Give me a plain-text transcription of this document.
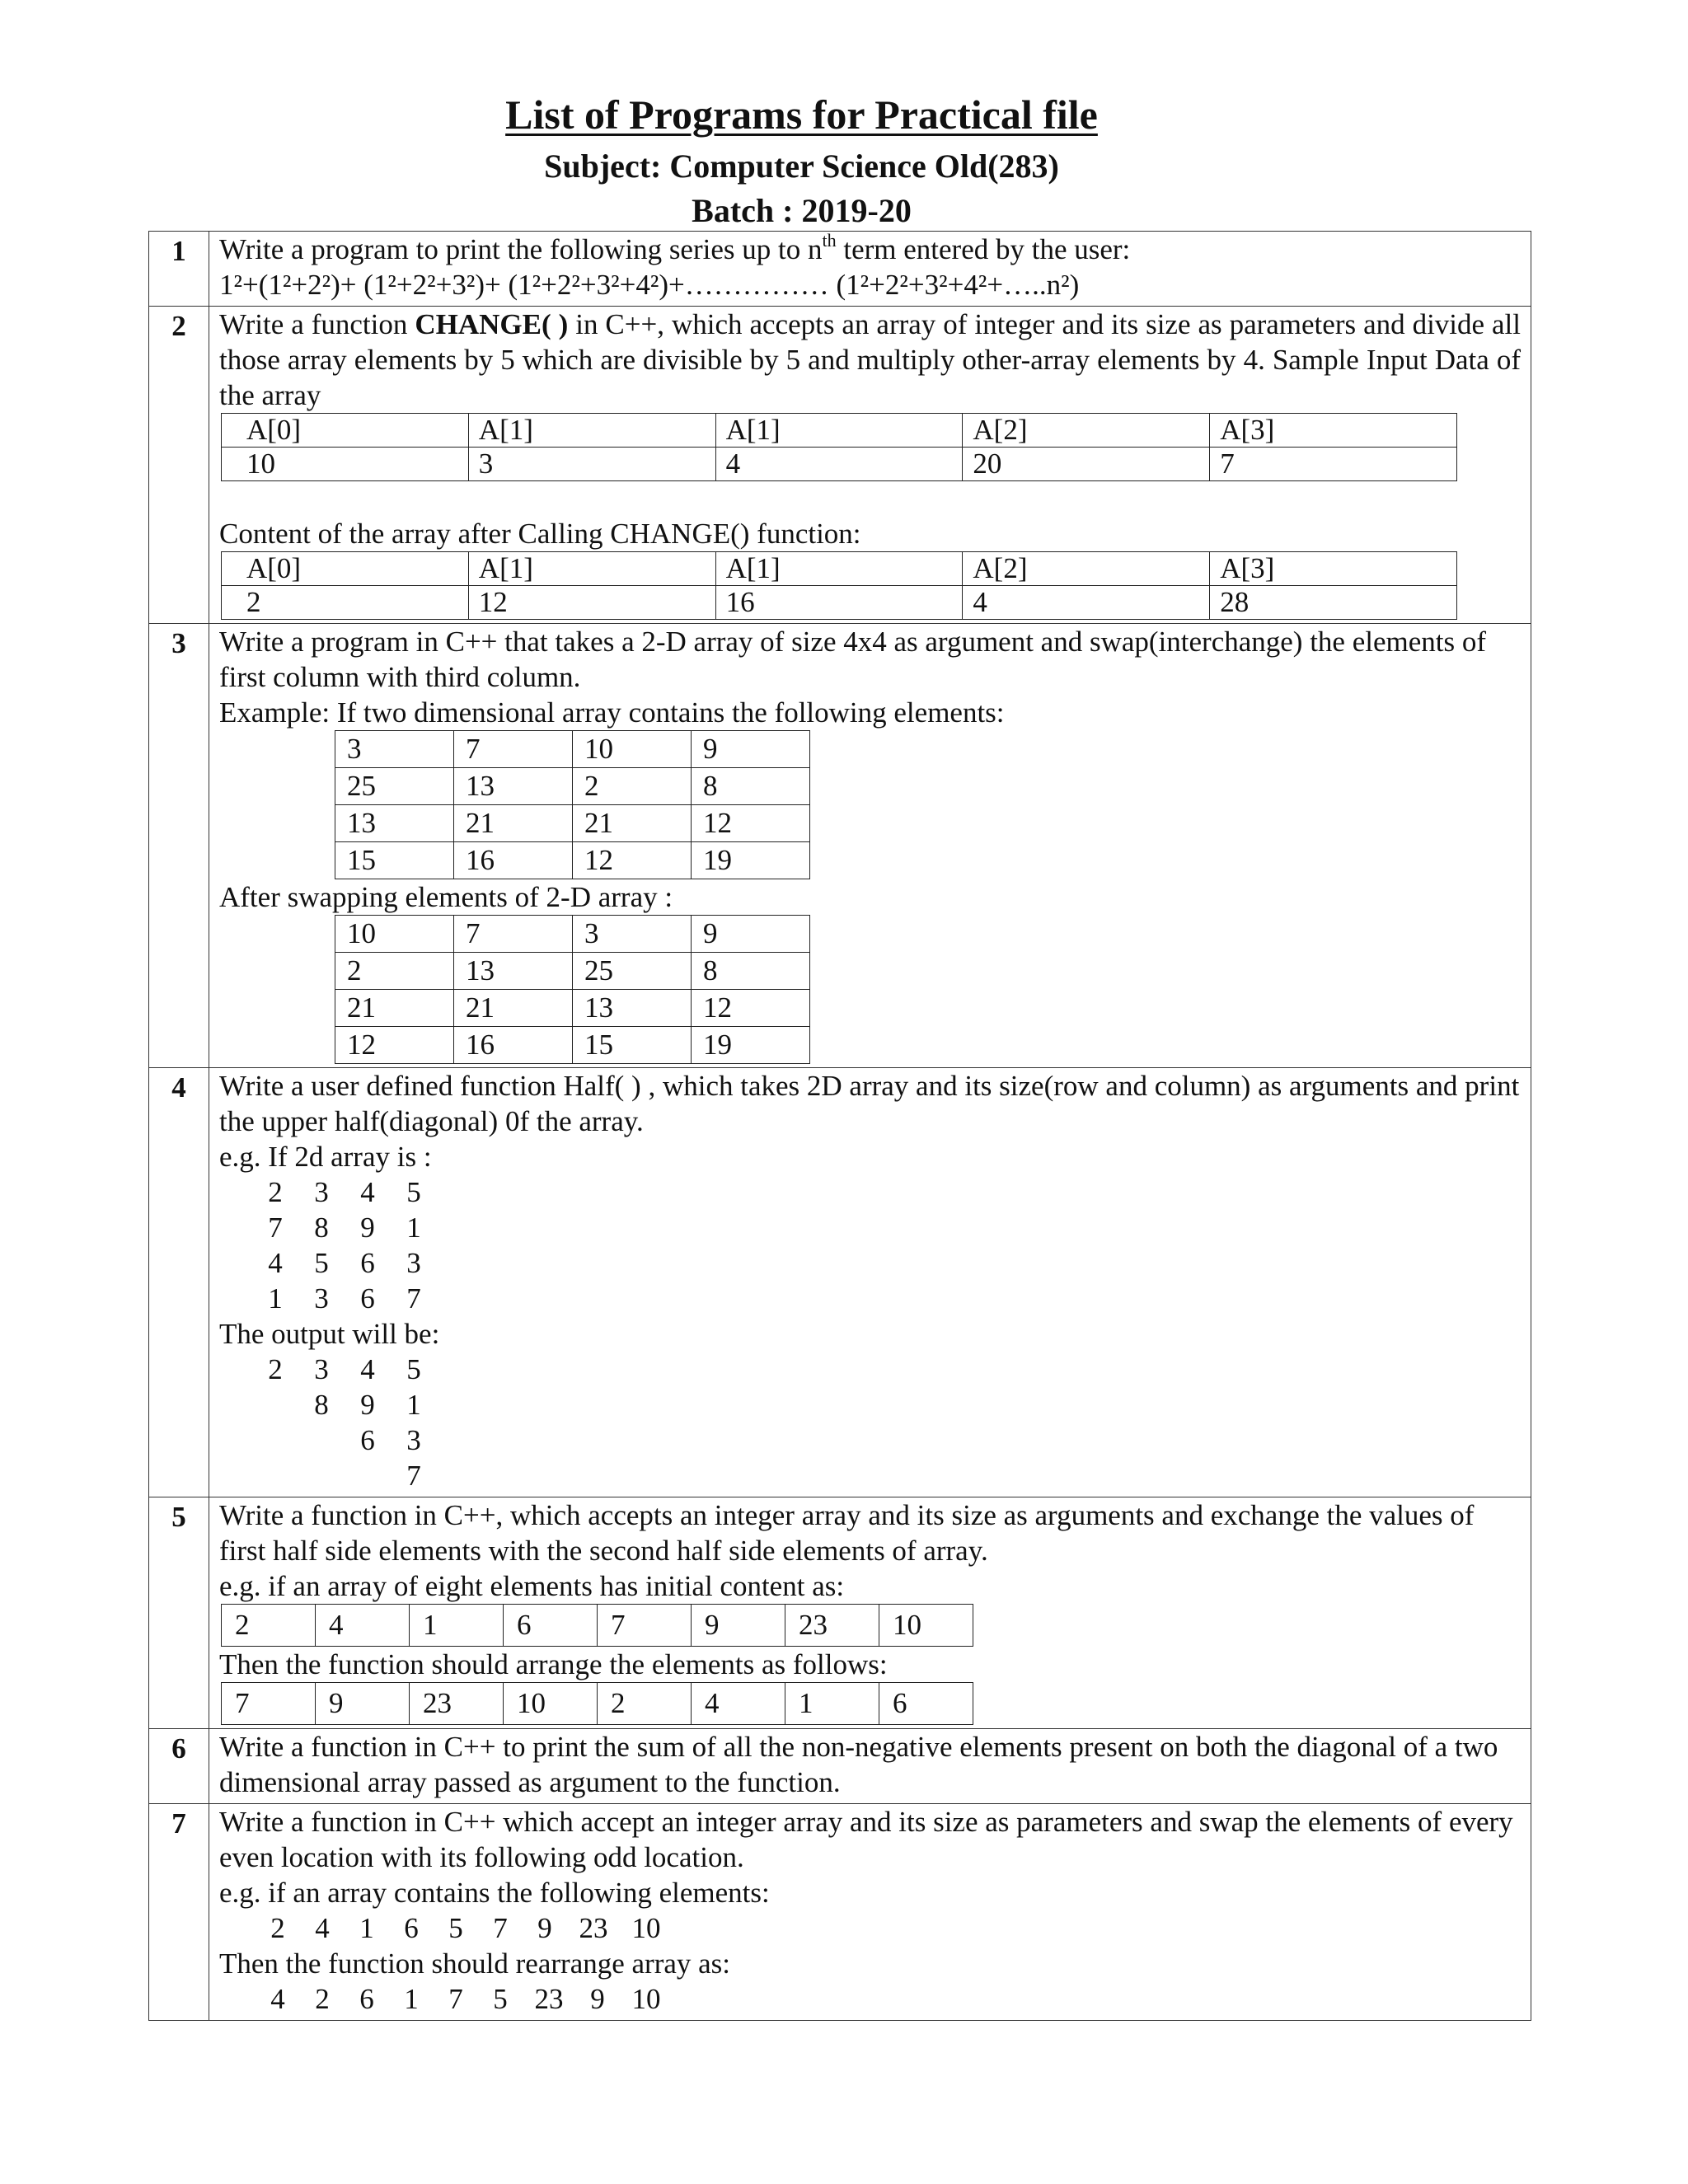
List of Programs for Practical file
Subject: Computer Science Old(283)
Batch : 2019-20
1	Write a program to print the following series up to $n^{th}$ term entered by the user:
1²+(1²+2²)+ (1²+2²+3²)+ (1²+2²+3²+4²)+…………… (1²+2²+3²+4²+…..n²)

2	Write a function CHANGE( ) in C++, which accepts an array of integer and its size as parameters and divide all those array elements by 5 which are divisible by 5 and multiply other-array elements by 4. Sample Input Data of the array
A[0]	A[1]	A[1]	A[2]	A[3]
10	3	4	20	7
Content of the array after Calling CHANGE() function:
A[0]	A[1]	A[1]	A[2]	A[3]
2	12	16	4	28

3	Write a program in C++ that takes a 2-D array of size 4x4 as argument and swap(interchange) the elements of first column with third column.
Example: If two dimensional array contains the following elements:
3	7	10	9
25	13	2	8
13	21	21	12
15	16	12	19
After swapping elements of 2-D array :
10	7	3	9
2	13	25	8
21	21	13	12
12	16	15	19

4	Write a user defined function Half( ) , which takes 2D array and its size(row and column) as arguments and print the upper half(diagonal) 0f the array.
e.g. If 2d array is :
2 3 4 5
7 8 9 1
4 5 6 3
1 3 6 7
The output will be:
2 3 4 5
8 9 1
6 3
7

5	Write a function in C++, which accepts an integer array and its size as arguments and exchange the values of first half side elements with the second half side elements of array.
e.g. if an array of eight elements has initial content as:
2	4	1	6	7	9	23	10
Then the function should arrange the elements as follows:
7	9	23	10	2	4	1	6

6	Write a function in C++ to print the sum of all the non-negative elements present on both the diagonal of a two dimensional array passed as argument to the function.

7	Write a function in C++ which accept an integer array and its size as parameters and swap the elements of every even location with its following odd location.
e.g. if an array contains the following elements:
2 4 1 6 5 7 9 23 10
Then the function should rearrange array as:
4 2 6 1 7 5 23 9 10
